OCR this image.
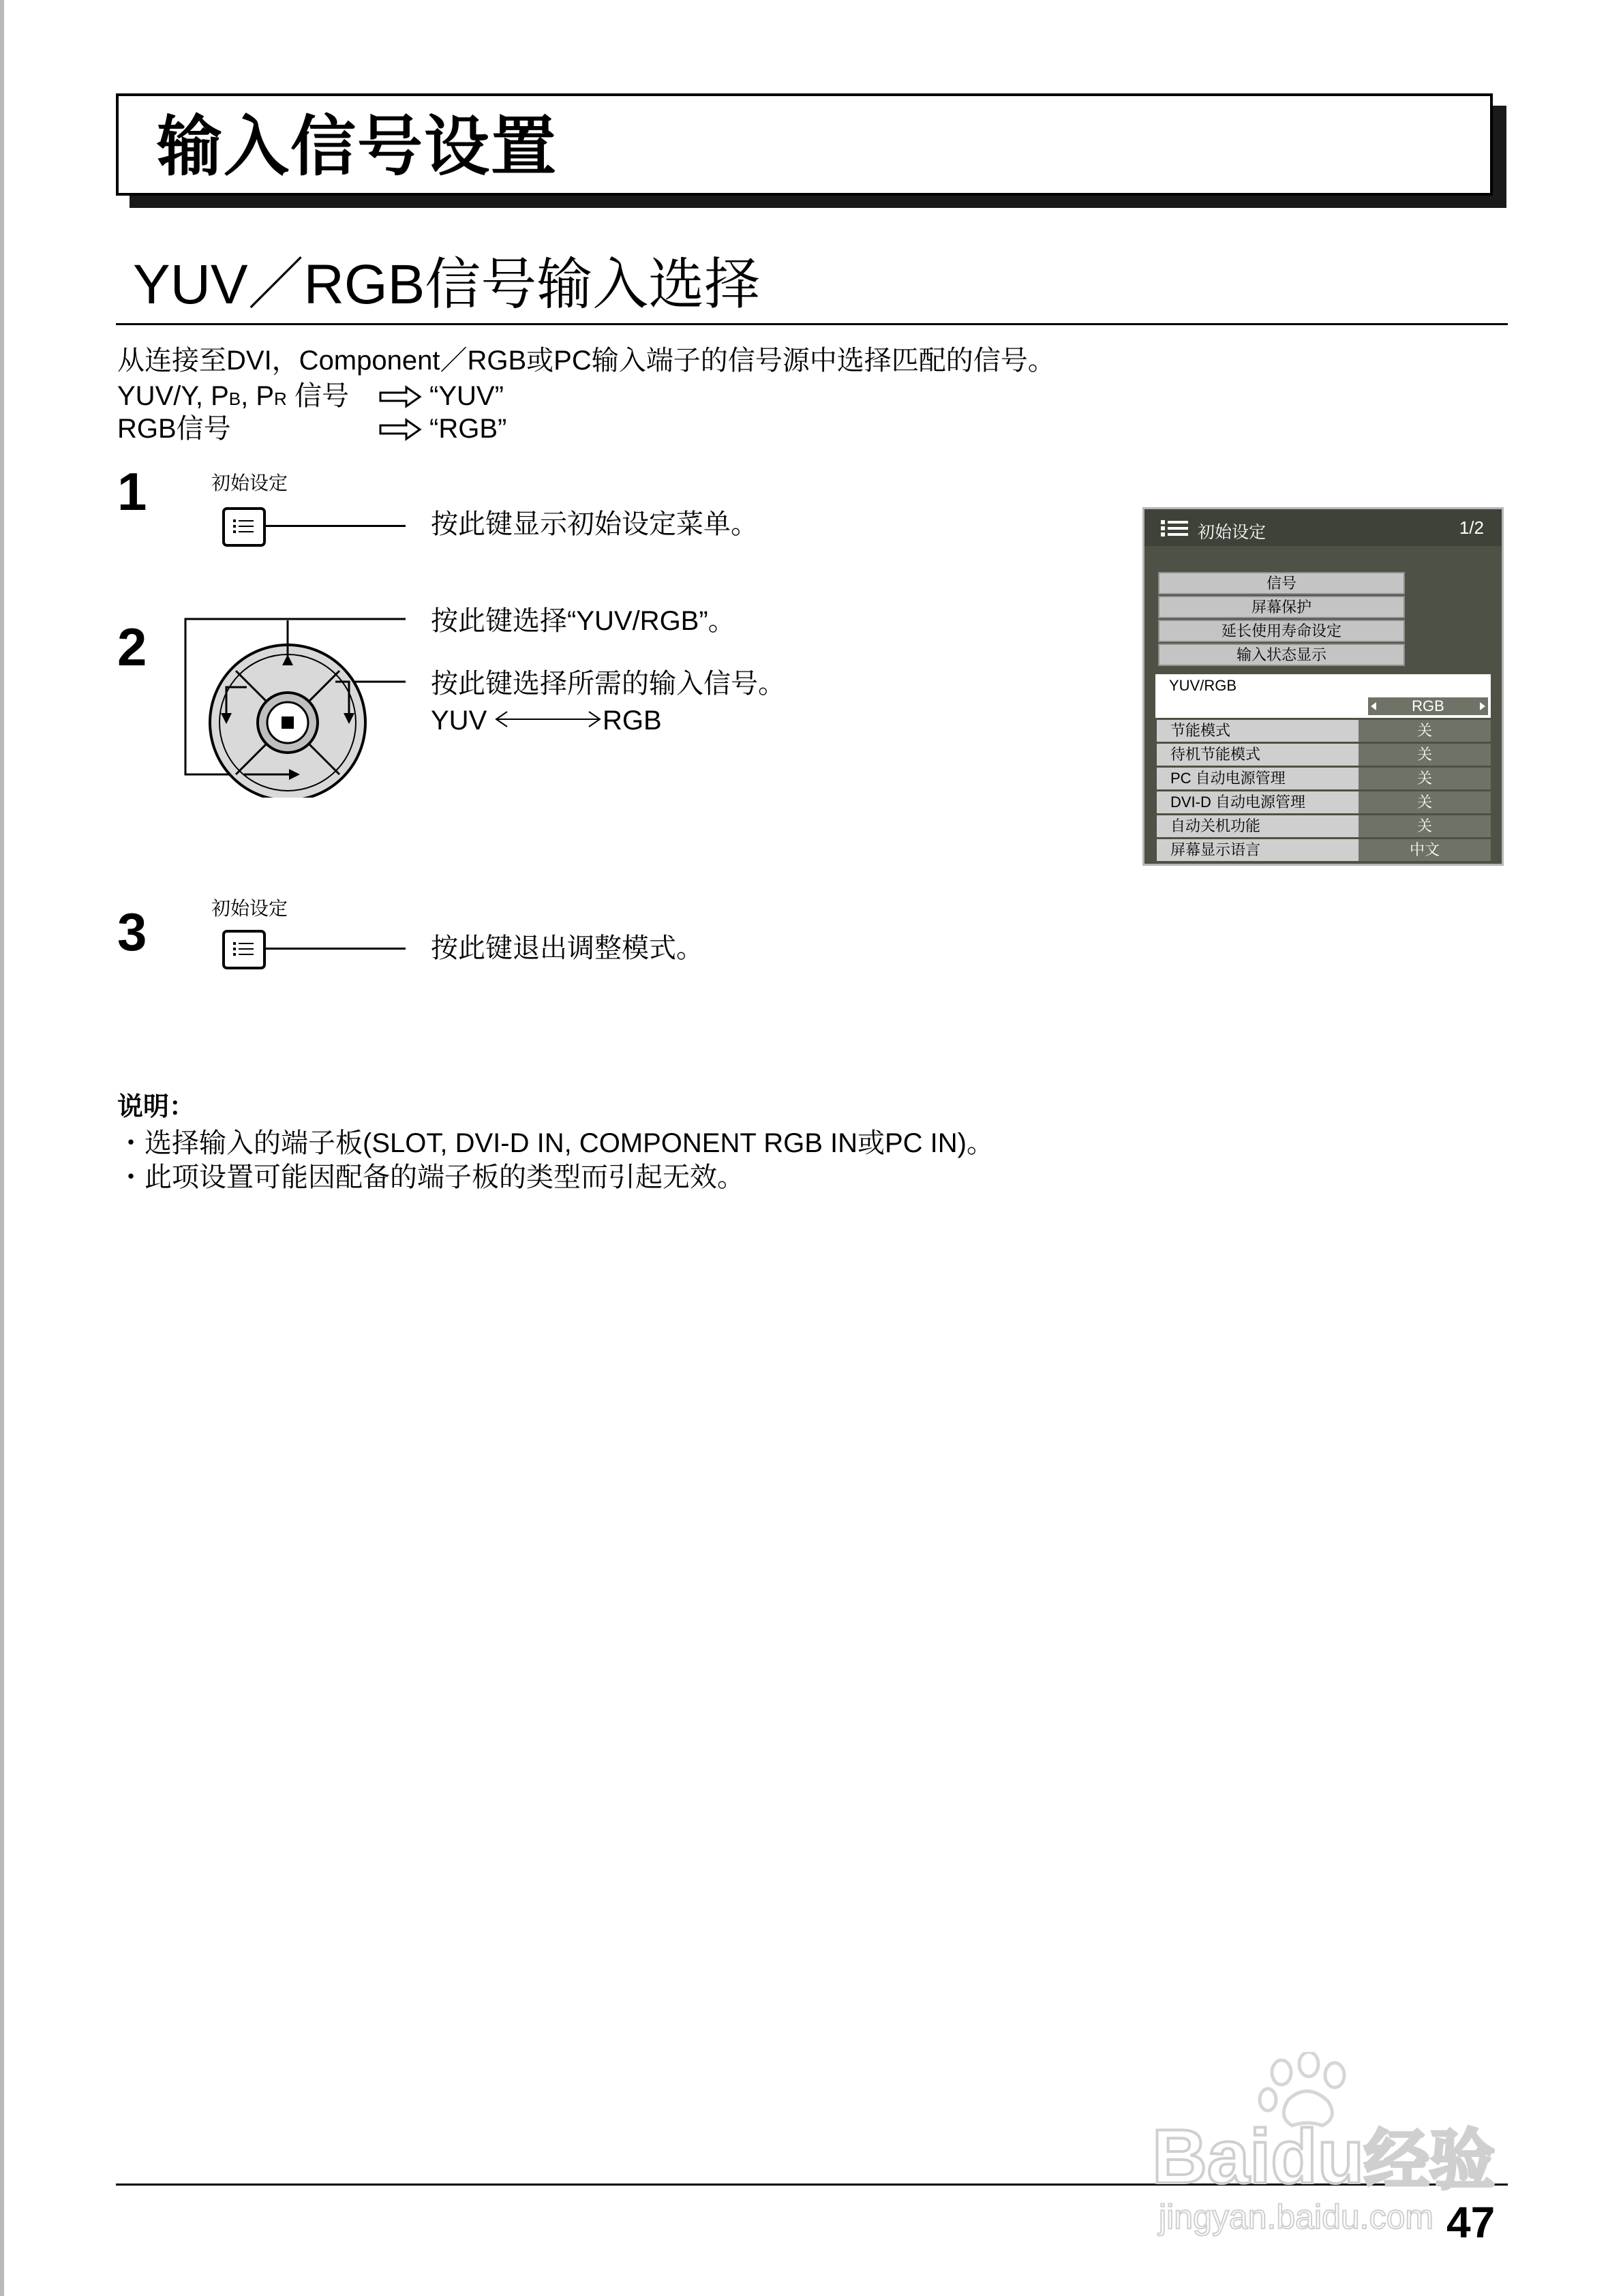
输入信号设置
YUV／RGB信号输入选择
从连接至DVI，Component／RGB或PC输入端子的信号源中选择匹配的信号。
YUV/Y, PB, PR 信号	“YUV”
RGB信号	“RGB”
1	初始设定
按此键显示初始设定菜单。
2	按此键选择“YUV/RGB”。
按此键选择所需的输入信号。
YUV	RGB
3	初始设定
按此键退出调整模式。
初始设定	1/2
信号
屏幕保护
延长使用寿命设定
输入状态显示
YUV/RGB
RGB
节能模式	关
待机节能模式	关
PC 自动电源管理	关
DVI-D 自动电源管理	关
自动关机功能	关
屏幕显示语言	中文
说明：
・选择输入的端子板(SLOT, DVI-D IN, COMPONENT RGB IN或PC IN)。
・此项设置可能因配备的端子板的类型而引起无效。
Baidu经验
jingyan.baidu.com 47
